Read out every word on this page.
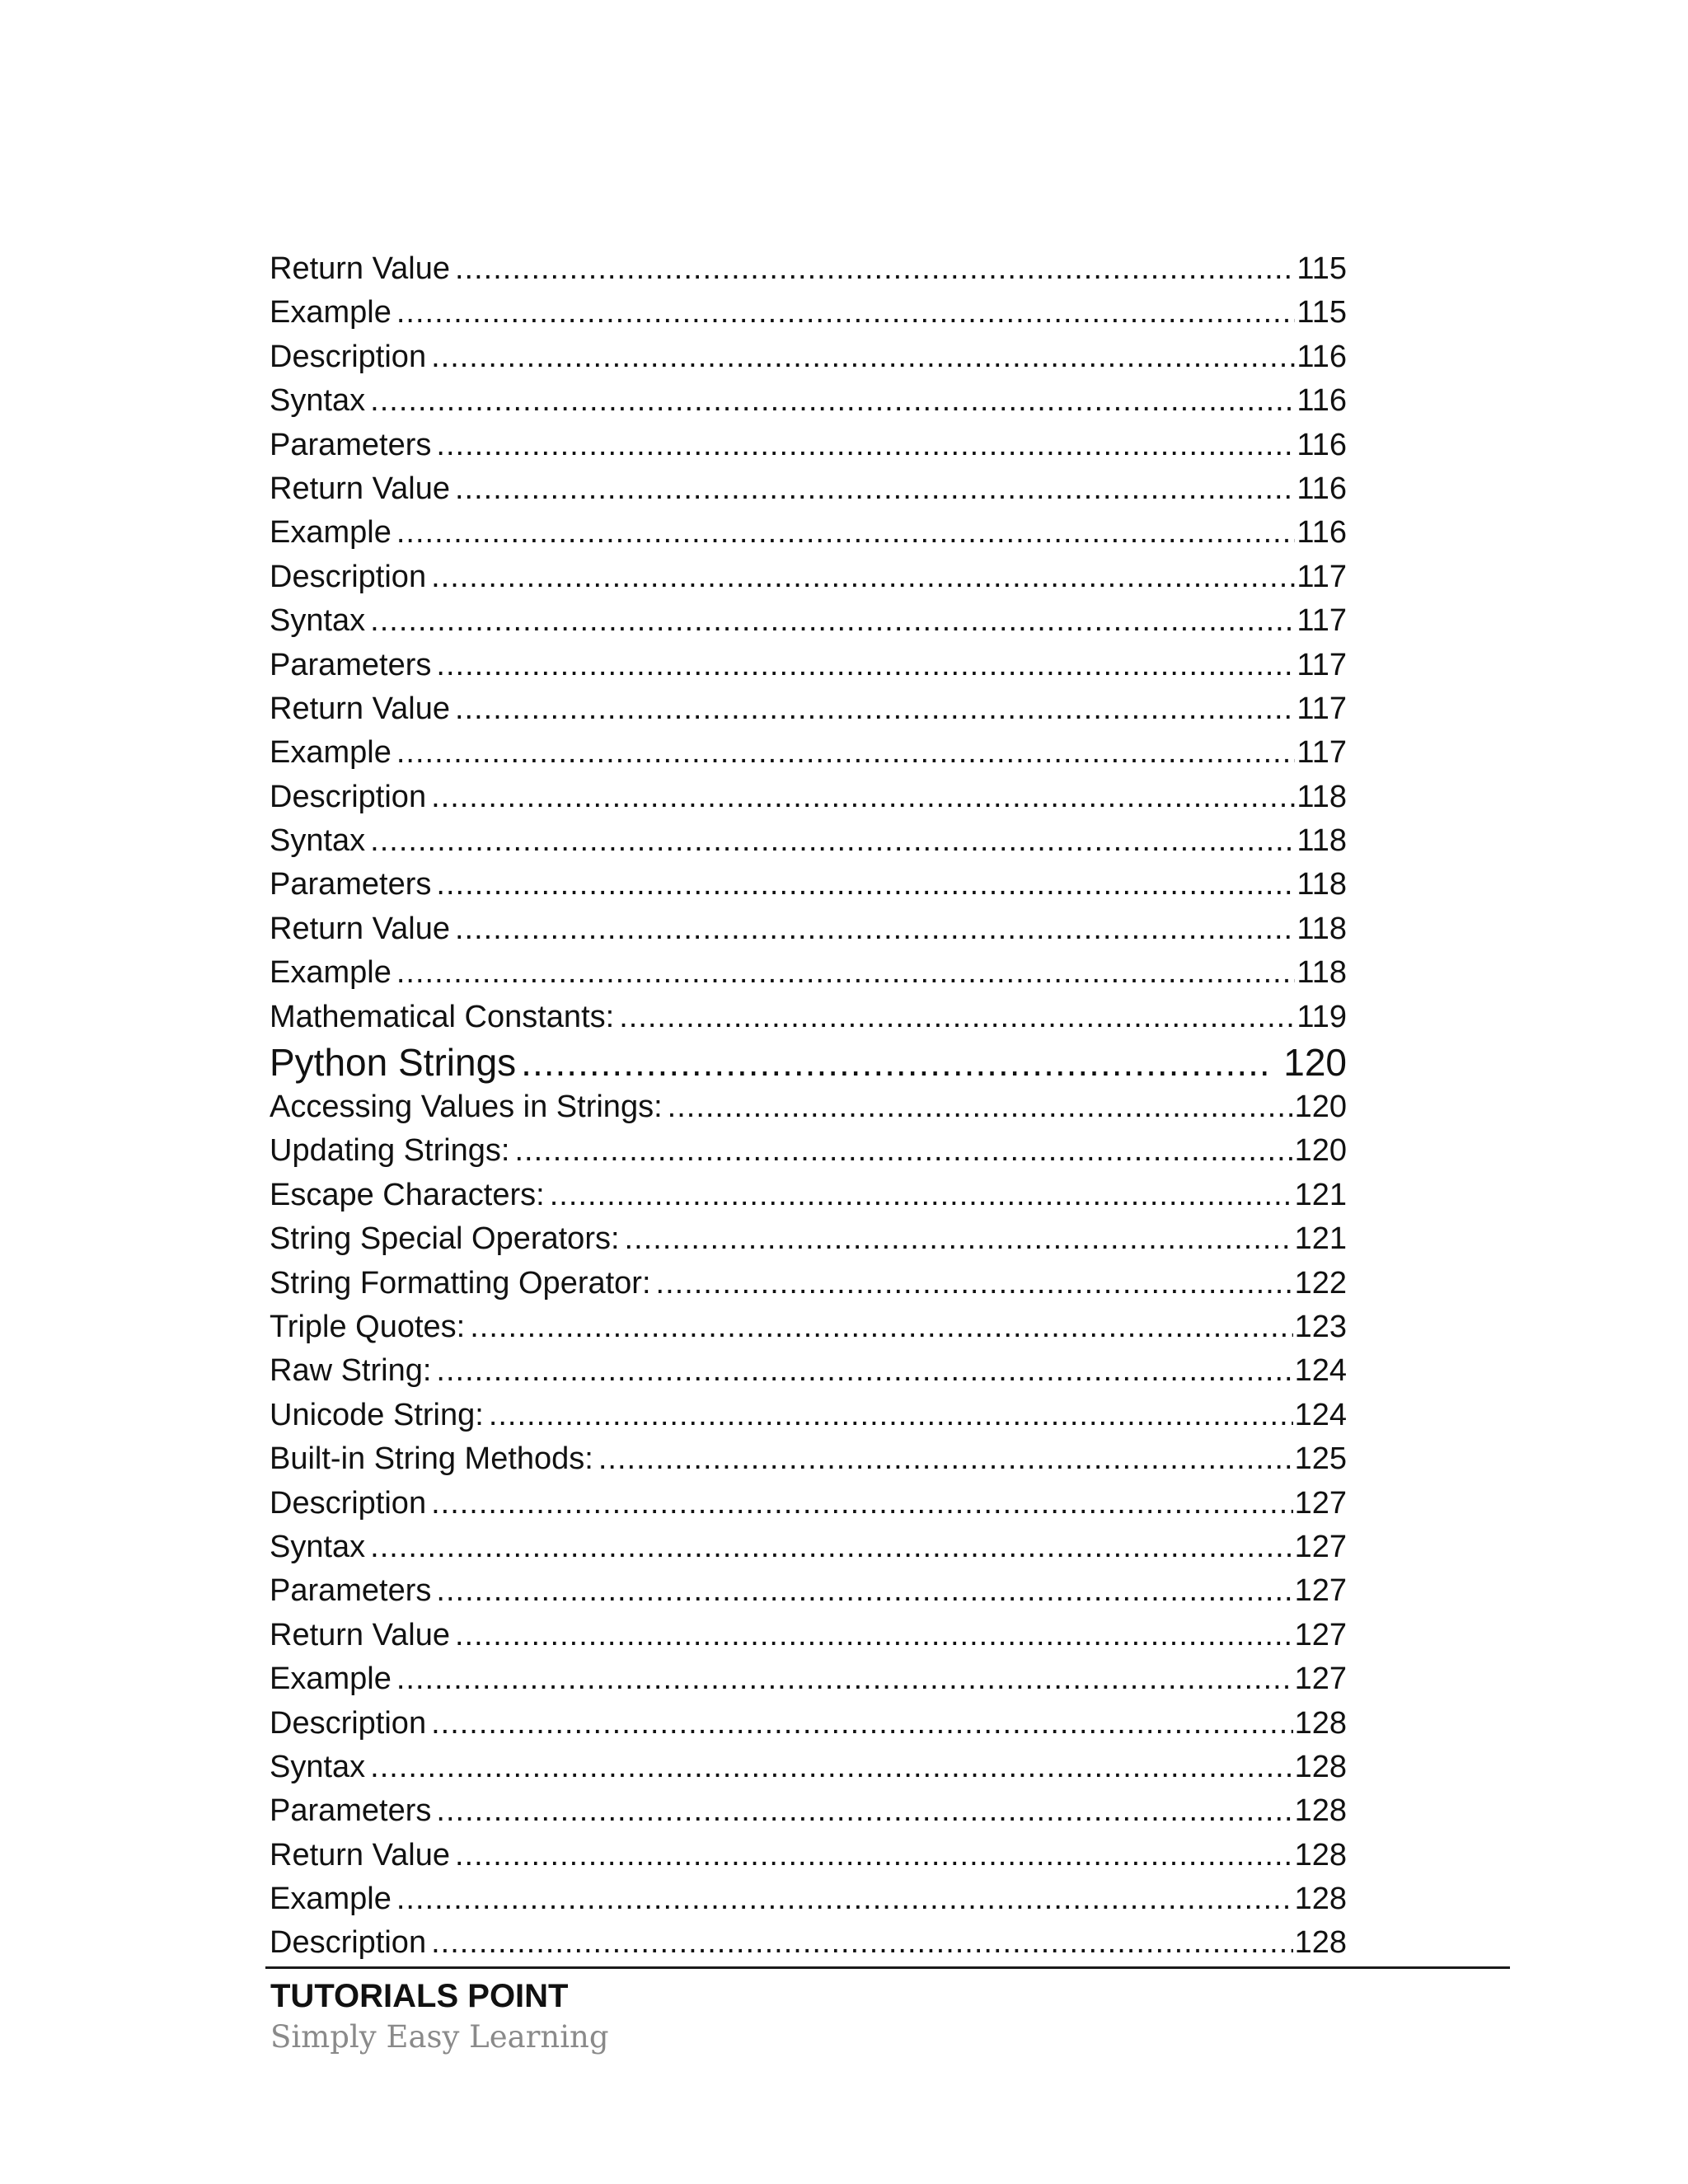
Return Value .....	115
Example .....	115
Description .....	116
Syntax .....	116
Parameters .....	116
Return Value .....	116
Example .....	116
Description .....	117
Syntax .....	117
Parameters .....	117
Return Value .....	117
Example .....	117
Description .....	118
Syntax .....	118
Parameters .....	118
Return Value .....	118
Example .....	118
Mathematical Constants: .....	119
Python Strings .....	120
Accessing Values in Strings: .....	120
Updating Strings: .....	120
Escape Characters: .....	121
String Special Operators: .....	121
String Formatting Operator: .....	122
Triple Quotes: .....	123
Raw String: .....	124
Unicode String: .....	124
Built-in String Methods: .....	125
Description .....	127
Syntax .....	127
Parameters .....	127
Return Value .....	127
Example .....	127
Description .....	128
Syntax .....	128
Parameters .....	128
Return Value .....	128
Example .....	128
Description .....	128
TUTORIALS POINT
Simply Easy Learning
